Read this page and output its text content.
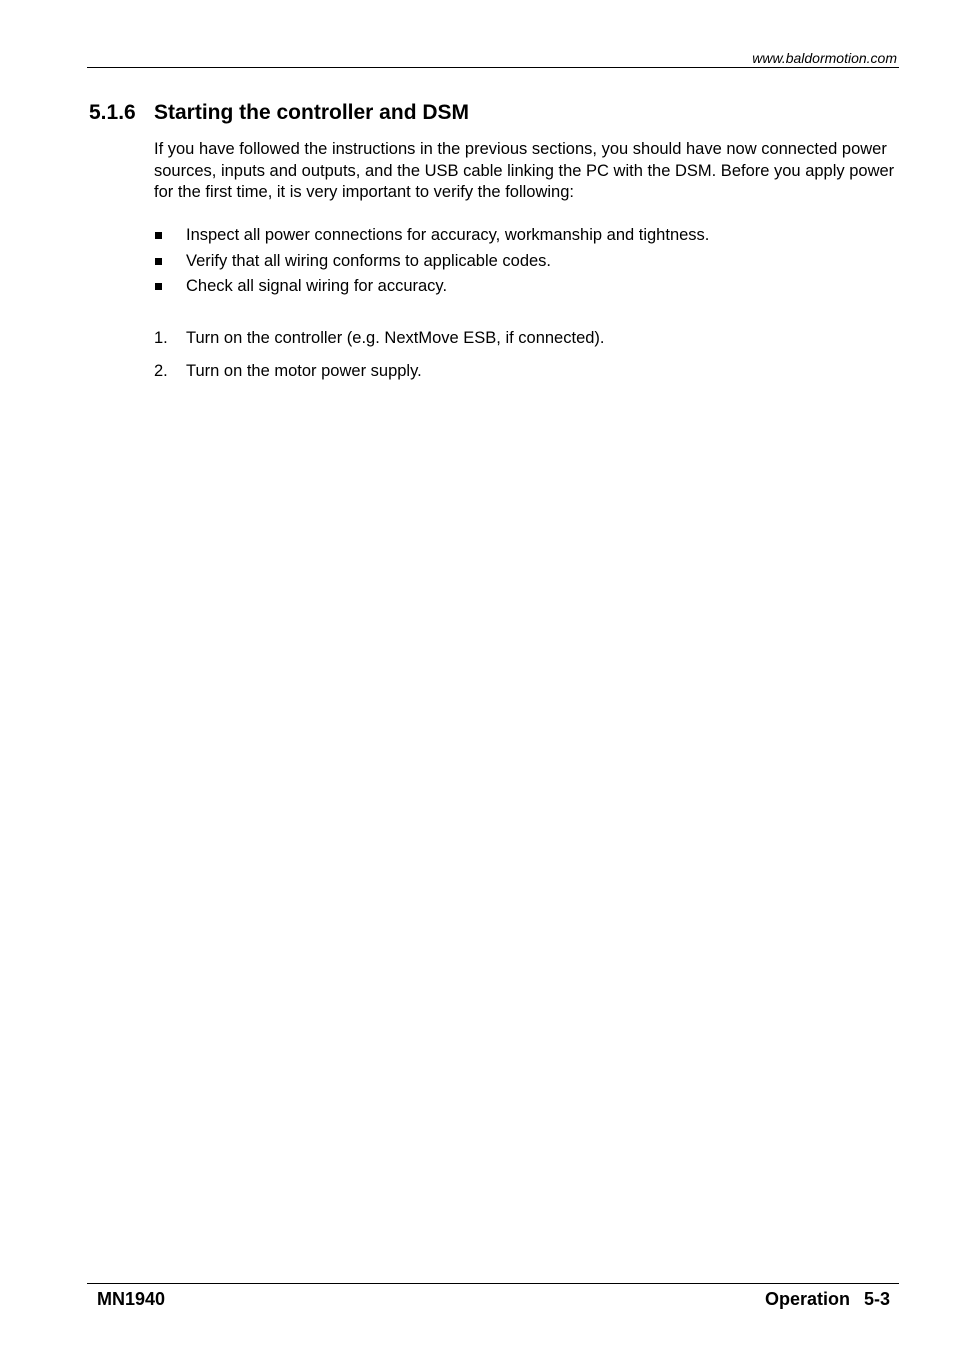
www.baldormotion.com
5.1.6 Starting the controller and DSM

If you have followed the instructions in the previous sections, you should have now connected power sources, inputs and outputs, and the USB cable linking the PC with the DSM. Before you apply power for the first time, it is very important to verify the following:

Inspect all power connections for accuracy, workmanship and tightness.
Verify that all wiring conforms to applicable codes.
Check all signal wiring for accuracy.
1. Turn on the controller (e.g. NextMove ESB, if connected).
2. Turn on the motor power supply.
MN1940	Operation 5-3
